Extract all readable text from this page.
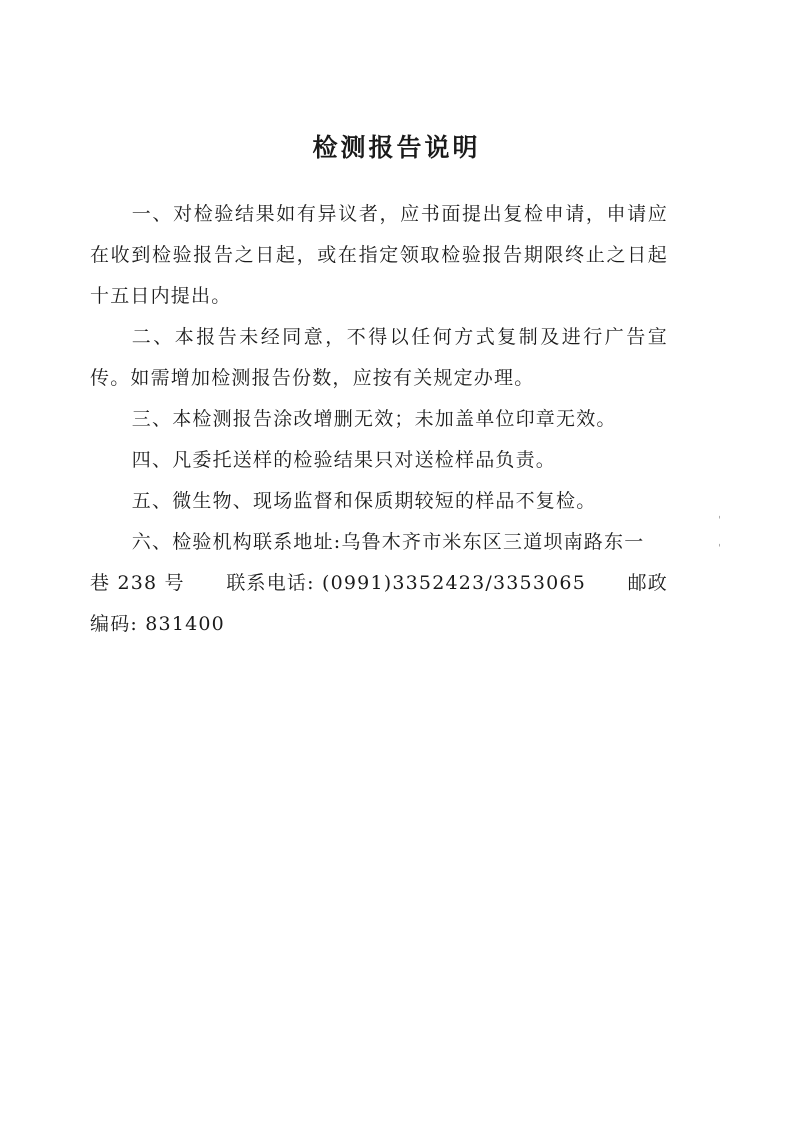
检测报告说明

一、对检验结果如有异议者，应书面提出复检申请，申请应在收到检验报告之日起，或在指定领取检验报告期限终止之日起十五日内提出。

二、本报告未经同意，不得以任何方式复制及进行广告宣传。如需增加检测报告份数，应按有关规定办理。

三、本检测报告涂改增删无效；未加盖单位印章无效。

四、凡委托送样的检验结果只对送检样品负责。

五、微生物、现场监督和保质期较短的样品不复检。

六、检验机构联系地址:乌鲁木齐市米东区三道坝南路东一

巷 238 号 联系电话: (0991)3352423/3353065 邮政

编码: 831400

ˌ
ˌ
